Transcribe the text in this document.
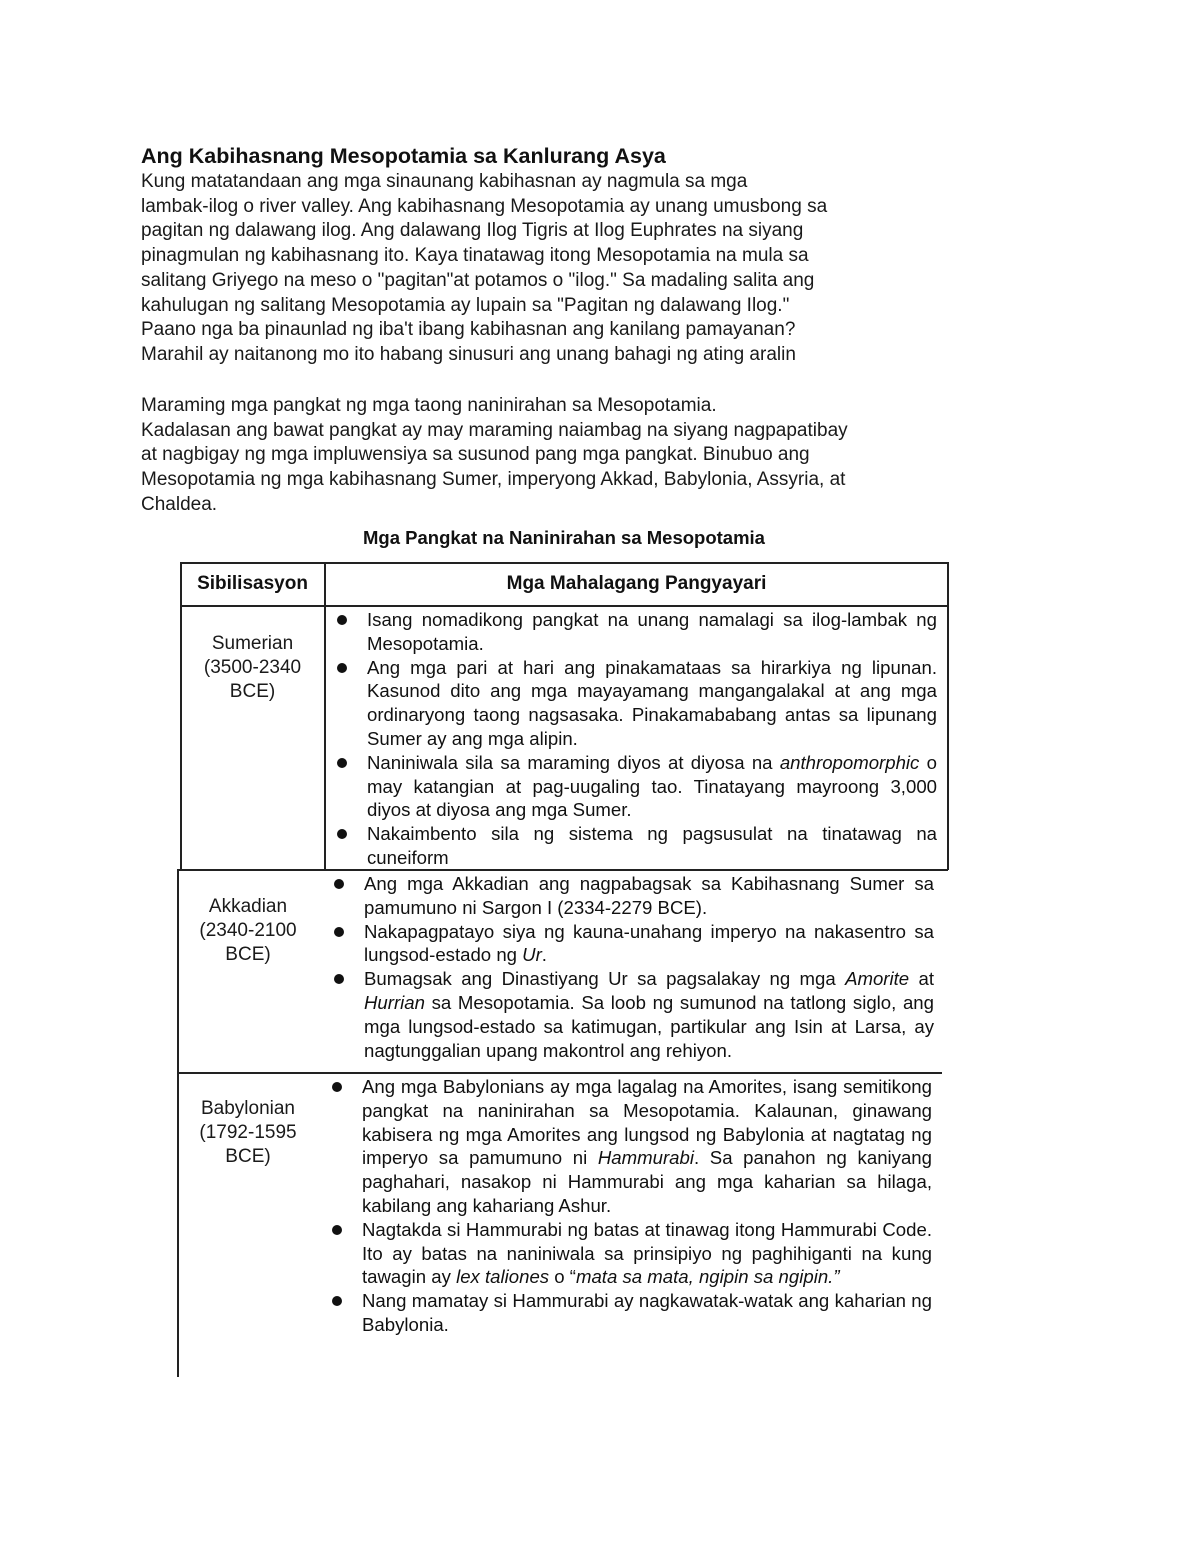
Ang Kabihasnang Mesopotamia sa Kanlurang Asya
Kung matatandaan ang mga sinaunang kabihasnan ay nagmula sa mga
lambak-ilog o river valley. Ang kabihasnang Mesopotamia ay unang umusbong sa
pagitan ng dalawang ilog. Ang dalawang Ilog Tigris at Ilog Euphrates na siyang
pinagmulan ng kabihasnang ito. Kaya tinatawag itong Mesopotamia na mula sa
salitang Griyego na meso o "pagitan"at potamos o "ilog." Sa madaling salita ang
kahulugan ng salitang Mesopotamia ay lupain sa "Pagitan ng dalawang Ilog."
Paano nga ba pinaunlad ng iba't ibang kabihasnan ang kanilang pamayanan?
Marahil ay naitanong mo ito habang sinusuri ang unang bahagi ng ating aralin
Maraming mga pangkat ng mga taong naninirahan sa Mesopotamia.
Kadalasan ang bawat pangkat ay may maraming naiambag na siyang nagpapatibay
at nagbigay ng mga impluwensiya sa susunod pang mga pangkat. Binubuo ang
Mesopotamia ng mga kabihasnang Sumer, imperyong Akkad, Babylonia, Assyria, at
Chaldea.
Mga Pangkat na Naninirahan sa Mesopotamia
Sibilisasyon	Mga Mahalagang Pangyayari
Sumerian
(3500-2340
BCE)
Isang nomadikong pangkat na unang namalagi sa ilog-lambak ng Mesopotamia.
Ang mga pari at hari ang pinakamataas sa hirarkiya ng lipunan. Kasunod dito ang mga mayayamang mangangalakal at ang mga ordinaryong taong nagsasaka. Pinakamababang antas sa lipunang Sumer ay ang mga alipin.
Naniniwala sila sa maraming diyos at diyosa na anthropomorphic o may katangian at pag-uugaling tao. Tinatayang mayroong 3,000 diyos at diyosa ang mga Sumer.
Nakaimbento sila ng sistema ng pagsusulat na tinatawag na cuneiform
Akkadian
(2340-2100
BCE)
Ang mga Akkadian ang nagpabagsak sa Kabihasnang Sumer sa pamumuno ni Sargon I (2334-2279 BCE).
Nakapagpatayo siya ng kauna-unahang imperyo na nakasentro sa lungsod-estado ng Ur.
Bumagsak ang Dinastiyang Ur sa pagsalakay ng mga Amorite at Hurrian sa Mesopotamia. Sa loob ng sumunod na tatlong siglo, ang mga lungsod-estado sa katimugan, partikular ang Isin at Larsa, ay nagtunggalian upang makontrol ang rehiyon.
Babylonian
(1792-1595
BCE)
Ang mga Babylonians ay mga lagalag na Amorites, isang semitikong pangkat na naninirahan sa Mesopotamia. Kalaunan, ginawang kabisera ng mga Amorites ang lungsod ng Babylonia at nagtatag ng imperyo sa pamumuno ni Hammurabi. Sa panahon ng kaniyang paghahari, nasakop ni Hammurabi ang mga kaharian sa hilaga, kabilang ang kahariang Ashur.
Nagtakda si Hammurabi ng batas at tinawag itong Hammurabi Code. Ito ay batas na naniniwala sa prinsipiyo ng paghihiganti na kung tawagin ay lex taliones o “mata sa mata, ngipin sa ngipin.”
Nang mamatay si Hammurabi ay nagkawatak-watak ang kaharian ng Babylonia.
